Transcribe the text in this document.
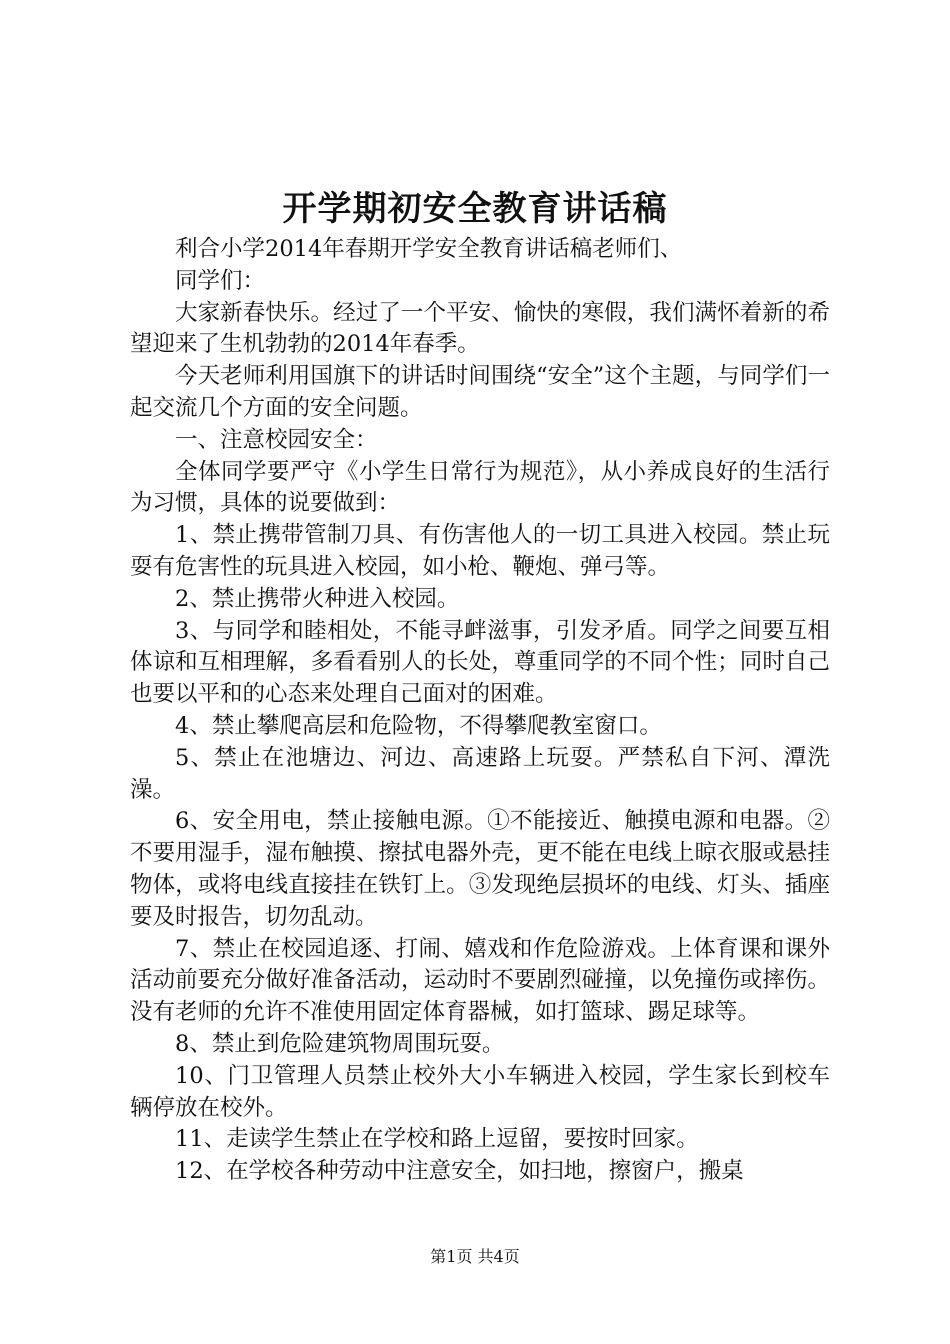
开学期初安全教育讲话稿

利合小学2014年春期开学安全教育讲话稿老师们、

同学们：

大家新春快乐。经过了一个平安、愉快的寒假，我们满怀着新的希望迎来了生机勃勃的2014年春季。

今天老师利用国旗下的讲话时间围绕“安全”这个主题，与同学们一起交流几个方面的安全问题。

一、注意校园安全：

全体同学要严守《小学生日常行为规范》，从小养成良好的生活行为习惯，具体的说要做到：

1、禁止携带管制刀具、有伤害他人的一切工具进入校园。禁止玩耍有危害性的玩具进入校园，如小枪、鞭炮、弹弓等。

2、禁止携带火种进入校园。

3、与同学和睦相处，不能寻衅滋事，引发矛盾。同学之间要互相体谅和互相理解，多看看别人的长处，尊重同学的不同个性；同时自己也要以平和的心态来处理自己面对的困难。

4、禁止攀爬高层和危险物，不得攀爬教室窗口。

5、禁止在池塘边、河边、高速路上玩耍。严禁私自下河、潭洗澡。

6、安全用电，禁止接触电源。①不能接近、触摸电源和电器。②不要用湿手，湿布触摸、擦拭电器外壳，更不能在电线上晾衣服或悬挂物体，或将电线直接挂在铁钉上。③发现绝层损坏的电线、灯头、插座要及时报告，切勿乱动。

7、禁止在校园追逐、打闹、嬉戏和作危险游戏。上体育课和课外活动前要充分做好准备活动，运动时不要剧烈碰撞，以免撞伤或摔伤。没有老师的允许不准使用固定体育器械，如打篮球、踢足球等。

8、禁止到危险建筑物周围玩耍。

10、门卫管理人员禁止校外大小车辆进入校园，学生家长到校车辆停放在校外。

11、走读学生禁止在学校和路上逗留，要按时回家。

12、在学校各种劳动中注意安全，如扫地，擦窗户，搬桌

第1页 共4页
